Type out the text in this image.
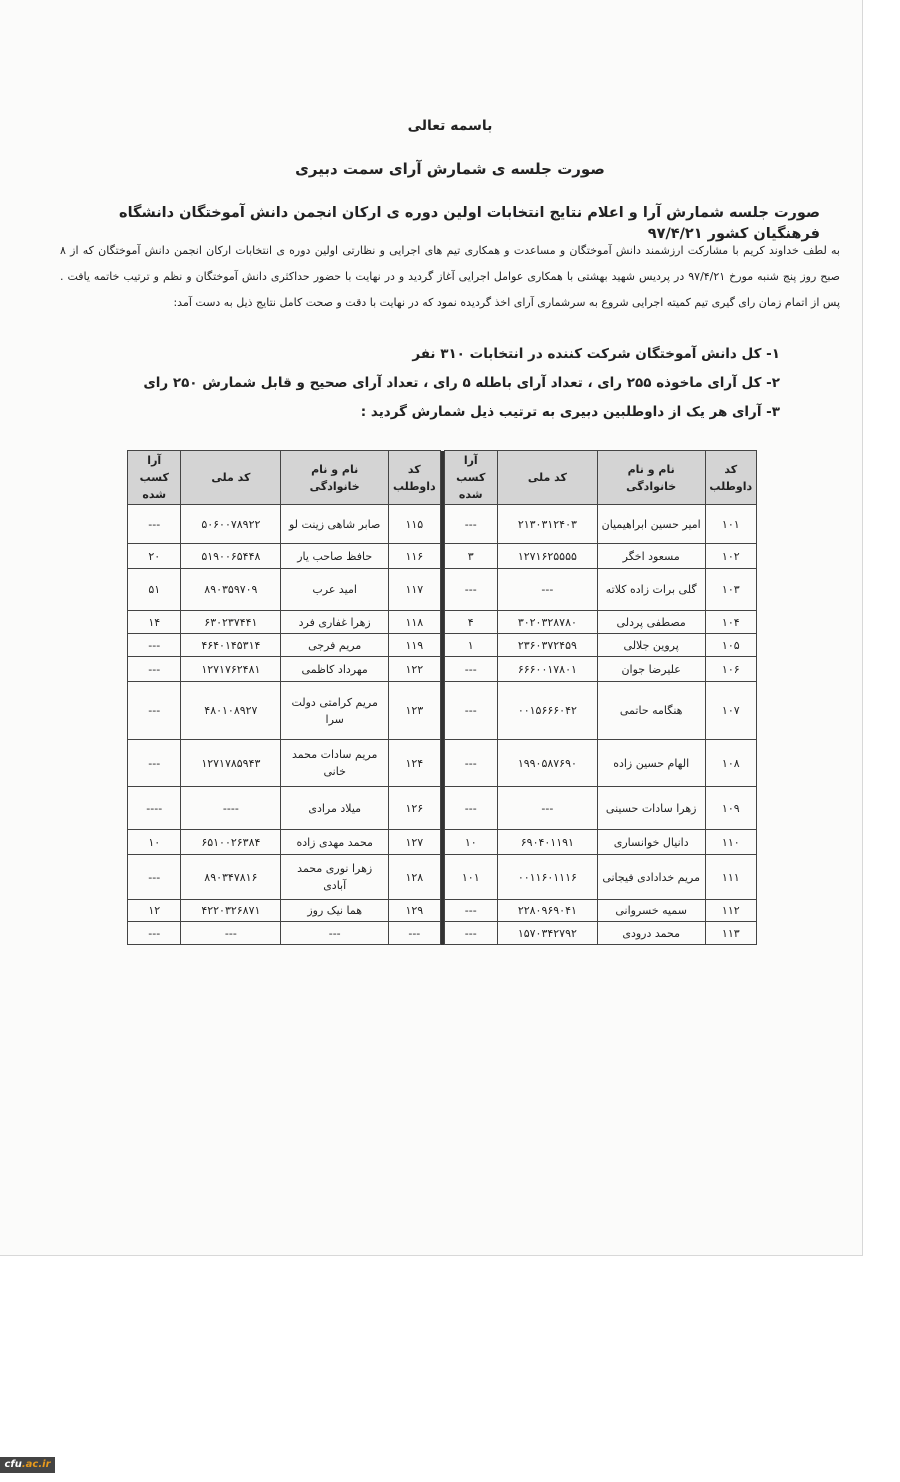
باسمه تعالی
صورت جلسه ی شمارش آرای سمت دبیری
صورت جلسه شمارش آرا و اعلام نتایج انتخابات اولین دوره ی ارکان انجمن دانش آموختگان دانشگاه فرهنگیان کشور ۹۷/۴/۲۱
به لطف خداوند کریم با مشارکت ارزشمند دانش آموختگان و مساعدت و همکاری تیم های اجرایی و نظارتی اولین دوره ی انتخابات ارکان انجمن دانش آموختگان که از ۸ صبح روز پنج شنبه مورخ ۹۷/۴/۲۱ در پردیس شهید بهشتی با همکاری عوامل اجرایی آغاز گردید و در نهایت با حضور حداکثری دانش آموختگان و نظم و ترتیب خاتمه یافت . پس از اتمام زمان رای گیری تیم کمیته اجرایی شروع به سرشماری آرای اخذ گردیده نمود که در نهایت با دقت و صحت کامل نتایج ذیل به دست آمد:
۱- کل دانش آموختگان شرکت کننده در انتخابات ۳۱۰ نفر
۲- کل آرای ماخوذه ۲۵۵ رای ، تعداد آرای باطله ۵ رای ، تعداد آرای صحیح و قابل شمارش ۲۵۰ رای
۳- آرای هر یک از داوطلبین دبیری به ترتیب ذیل شمارش گردید :
کد داوطلب	نام و نام خانوادگی	کد ملی	آرا کسب شده		کد داوطلب	نام و نام خانوادگی	کد ملی	آرا کسب شده
۱۰۱	امیر حسین ابراهیمیان	۲۱۳۰۳۱۲۴۰۳	---		۱۱۵	صابر شاهی زینت لو	۵۰۶۰۰۷۸۹۲۲	---
۱۰۲	مسعود اخگر	۱۲۷۱۶۲۵۵۵۵	۳		۱۱۶	حافظ صاحب یار	۵۱۹۰۰۶۵۴۴۸	۲۰
۱۰۳	گلی برات زاده کلاته	---	---		۱۱۷	امید عرب	۸۹۰۳۵۹۷۰۹	۵۱
۱۰۴	مصطفی پردلی	۳۰۲۰۳۲۸۷۸۰	۴		۱۱۸	زهرا غفاری فرد	۶۳۰۲۳۷۴۴۱	۱۴
۱۰۵	پروین جلالی	۲۳۶۰۳۷۲۴۵۹	۱		۱۱۹	مریم فرجی	۴۶۴۰۱۴۵۳۱۴	---
۱۰۶	علیرضا جوان	۶۶۶۰۰۱۷۸۰۱	---		۱۲۲	مهرداد کاظمی	۱۲۷۱۷۶۲۴۸۱	---
۱۰۷	هنگامه حاتمی	۰۰۱۵۶۶۶۰۴۲	---		۱۲۳	مریم کرامتی دولت سرا	۴۸۰۱۰۸۹۲۷	---
۱۰۸	الهام حسین زاده	۱۹۹۰۵۸۷۶۹۰	---		۱۲۴	مریم سادات محمد خانی	۱۲۷۱۷۸۵۹۴۳	---
۱۰۹	زهرا سادات حسینی	---	---		۱۲۶	میلاد مرادی	----	----
۱۱۰	دانیال خوانساری	۶۹۰۴۰۱۱۹۱	۱۰		۱۲۷	محمد مهدی زاده	۶۵۱۰۰۲۶۳۸۴	۱۰
۱۱۱	مریم خدادادی فیجانی	۰۰۱۱۶۰۱۱۱۶	۱۰۱		۱۲۸	زهرا نوری محمد آبادی	۸۹۰۳۴۷۸۱۶	---
۱۱۲	سمیه خسروانی	۲۲۸۰۹۶۹۰۴۱	---		۱۲۹	هما نیک روز	۴۲۲۰۳۲۶۸۷۱	۱۲
۱۱۳	محمد درودی	۱۵۷۰۳۴۲۷۹۲	---		---	---	---	---
cfu.ac.ir
